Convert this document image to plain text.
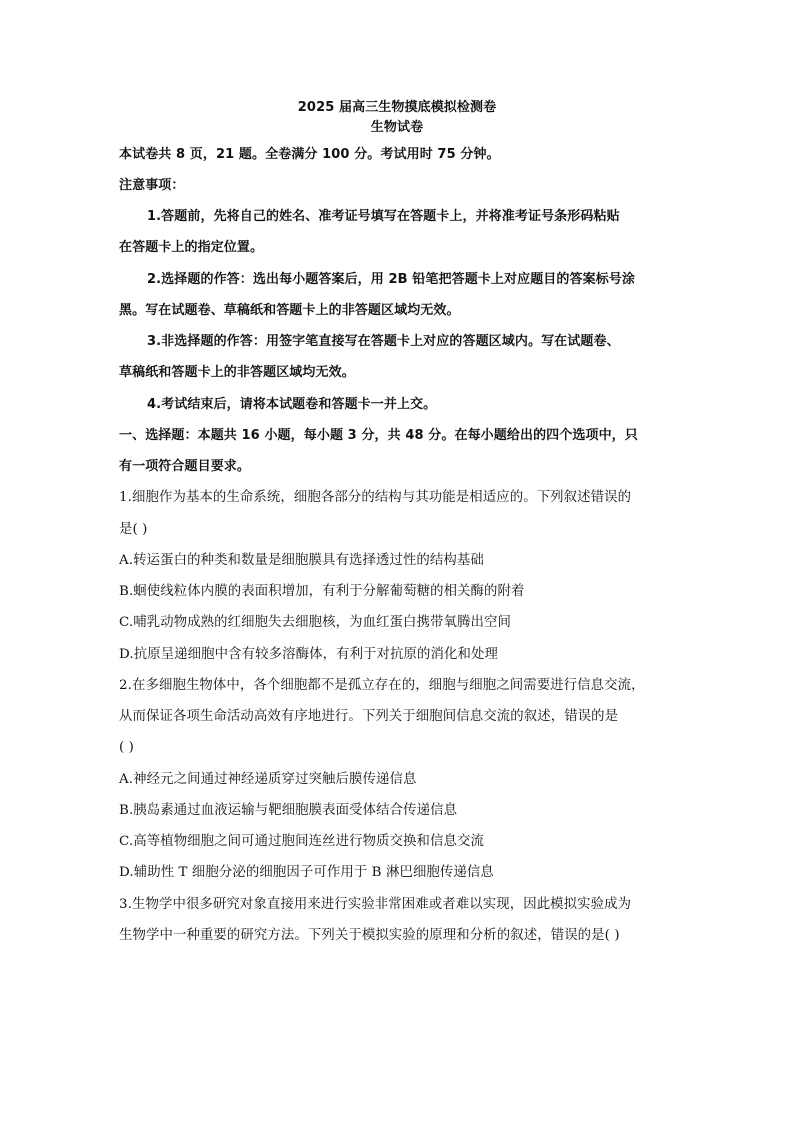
2025 届高三生物摸底模拟检测卷
生物试卷
本试卷共 8 页，21 题。全卷满分 100 分。考试用时 75 分钟。
注意事项：
1.答题前，先将自己的姓名、准考证号填写在答题卡上，并将准考证号条形码粘贴
在答题卡上的指定位置。
2.选择题的作答：选出每小题答案后，用 2B 铅笔把答题卡上对应题目的答案标号涂
黑。写在试题卷、草稿纸和答题卡上的非答题区域均无效。
3.非选择题的作答：用签字笔直接写在答题卡上对应的答题区域内。写在试题卷、
草稿纸和答题卡上的非答题区域均无效。
4.考试结束后，请将本试题卷和答题卡一并上交。
一、选择题：本题共 16 小题，每小题 3 分，共 48 分。在每小题给出的四个选项中，只
有一项符合题目要求。
1.细胞作为基本的生命系统，细胞各部分的结构与其功能是相适应的。下列叙述错误的
是( )
A.转运蛋白的种类和数量是细胞膜具有选择透过性的结构基础
B.蛔使线粒体内膜的表面积增加，有利于分解葡萄糖的相关酶的附着
C.哺乳动物成熟的红细胞失去细胞核，为血红蛋白携带氧腾出空间
D.抗原呈递细胞中含有较多溶酶体，有利于对抗原的消化和处理
2.在多细胞生物体中，各个细胞都不是孤立存在的，细胞与细胞之间需要进行信息交流，
从而保证各项生命活动高效有序地进行。下列关于细胞间信息交流的叙述，错误的是
( )
A.神经元之间通过神经递质穿过突触后膜传递信息
B.胰岛素通过血液运输与靶细胞膜表面受体结合传递信息
C.高等植物细胞之间可通过胞间连丝进行物质交换和信息交流
D.辅助性 T 细胞分泌的细胞因子可作用于 B 淋巴细胞传递信息
3.生物学中很多研究对象直接用来进行实验非常困难或者难以实现，因此模拟实验成为
生物学中一种重要的研究方法。下列关于模拟实验的原理和分析的叙述，错误的是( )
